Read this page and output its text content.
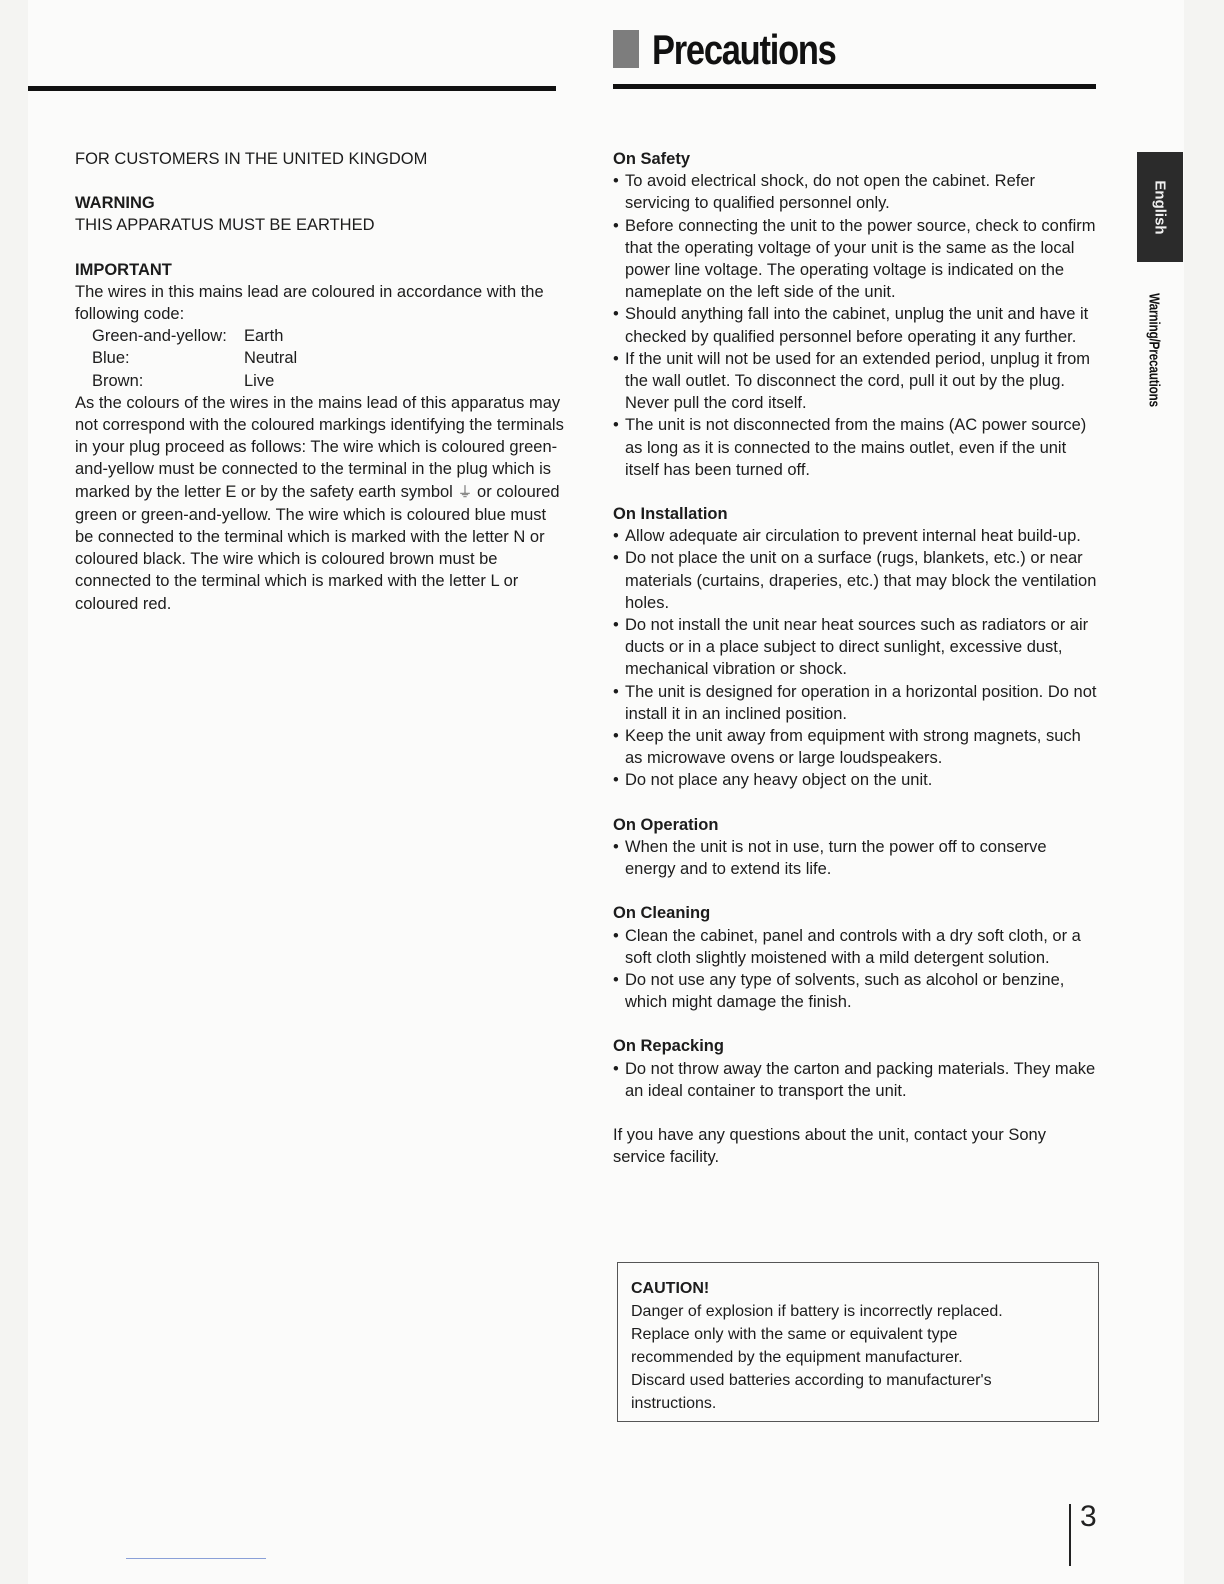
Precautions

FOR CUSTOMERS IN THE UNITED KINGDOM

WARNING

THIS APPARATUS MUST BE EARTHED

IMPORTANT

The wires in this mains lead are coloured in accordance with the following code:

Green-and-yellow:	Earth
Blue:	Neutral
Brown:	Live

As the colours of the wires in the mains lead of this apparatus may not correspond with the coloured markings identifying the terminals in your plug proceed as follows: The wire which is coloured green-and-yellow must be connected to the terminal in the plug which is marked by the letter E or by the safety earth symbol ⏚ or coloured green or green-and-yellow. The wire which is coloured blue must be connected to the terminal which is marked with the letter N or coloured black. The wire which is coloured brown must be connected to the terminal which is marked with the letter L or coloured red.

On Safety

• To avoid electrical shock, do not open the cabinet. Refer servicing to qualified personnel only.
• Before connecting the unit to the power source, check to confirm that the operating voltage of your unit is the same as the local power line voltage. The operating voltage is indicated on the nameplate on the left side of the unit.
• Should anything fall into the cabinet, unplug the unit and have it checked by qualified personnel before operating it any further.
• If the unit will not be used for an extended period, unplug it from the wall outlet. To disconnect the cord, pull it out by the plug. Never pull the cord itself.
• The unit is not disconnected from the mains (AC power source) as long as it is connected to the mains outlet, even if the unit itself has been turned off.

On Installation

• Allow adequate air circulation to prevent internal heat build-up.
• Do not place the unit on a surface (rugs, blankets, etc.) or near materials (curtains, draperies, etc.) that may block the ventilation holes.
• Do not install the unit near heat sources such as radiators or air ducts or in a place subject to direct sunlight, excessive dust, mechanical vibration or shock.
• The unit is designed for operation in a horizontal position. Do not install it in an inclined position.
• Keep the unit away from equipment with strong magnets, such as microwave ovens or large loudspeakers.
• Do not place any heavy object on the unit.

On Operation

• When the unit is not in use, turn the power off to conserve energy and to extend its life.

On Cleaning

• Clean the cabinet, panel and controls with a dry soft cloth, or a soft cloth slightly moistened with a mild detergent solution.
• Do not use any type of solvents, such as alcohol or benzine, which might damage the finish.

On Repacking

• Do not throw away the carton and packing materials. They make an ideal container to transport the unit.

If you have any questions about the unit, contact your Sony service facility.

CAUTION!

Danger of explosion if battery is incorrectly replaced.

Replace only with the same or equivalent type

recommended by the equipment manufacturer.

Discard used batteries according to manufacturer's

instructions.

English
Warning/Precautions

3
